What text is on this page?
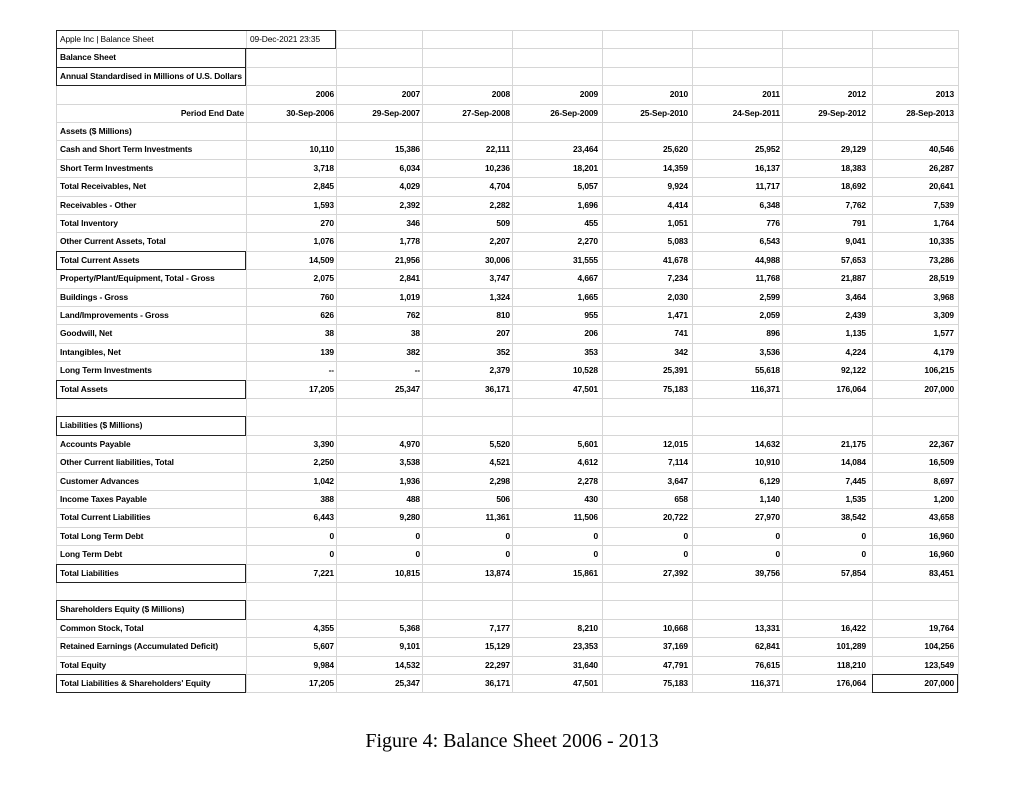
Apple Inc | Balance Sheet	09-Dec-2021 23:35
Balance Sheet
Annual Standardised in Millions of U.S. Dollars
2006	2007	2008	2009	2010	2011	2012	2013
Period End Date	30-Sep-2006	29-Sep-2007	27-Sep-2008	26-Sep-2009	25-Sep-2010	24-Sep-2011	29-Sep-2012	28-Sep-2013
Assets ($ Millions)
Cash and Short Term Investments	10,110	15,386	22,111	23,464	25,620	25,952	29,129	40,546
Short Term Investments	3,718	6,034	10,236	18,201	14,359	16,137	18,383	26,287
Total Receivables, Net	2,845	4,029	4,704	5,057	9,924	11,717	18,692	20,641
Receivables - Other	1,593	2,392	2,282	1,696	4,414	6,348	7,762	7,539
Total Inventory	270	346	509	455	1,051	776	791	1,764
Other Current Assets, Total	1,076	1,778	2,207	2,270	5,083	6,543	9,041	10,335
Total Current Assets	14,509	21,956	30,006	31,555	41,678	44,988	57,653	73,286
Property/Plant/Equipment, Total - Gross	2,075	2,841	3,747	4,667	7,234	11,768	21,887	28,519
Buildings - Gross	760	1,019	1,324	1,665	2,030	2,599	3,464	3,968
Land/Improvements - Gross	626	762	810	955	1,471	2,059	2,439	3,309
Goodwill, Net	38	38	207	206	741	896	1,135	1,577
Intangibles, Net	139	382	352	353	342	3,536	4,224	4,179
Long Term Investments	--	--	2,379	10,528	25,391	55,618	92,122	106,215
Total Assets	17,205	25,347	36,171	47,501	75,183	116,371	176,064	207,000
Liabilities ($ Millions)
Accounts Payable	3,390	4,970	5,520	5,601	12,015	14,632	21,175	22,367
Other Current liabilities, Total	2,250	3,538	4,521	4,612	7,114	10,910	14,084	16,509
Customer Advances	1,042	1,936	2,298	2,278	3,647	6,129	7,445	8,697
Income Taxes Payable	388	488	506	430	658	1,140	1,535	1,200
Total Current Liabilities	6,443	9,280	11,361	11,506	20,722	27,970	38,542	43,658
Total Long Term Debt	0	0	0	0	0	0	0	16,960
Long Term Debt	0	0	0	0	0	0	0	16,960
Total Liabilities	7,221	10,815	13,874	15,861	27,392	39,756	57,854	83,451
Shareholders Equity ($ Millions)
Common Stock, Total	4,355	5,368	7,177	8,210	10,668	13,331	16,422	19,764
Retained Earnings (Accumulated Deficit)	5,607	9,101	15,129	23,353	37,169	62,841	101,289	104,256
Total Equity	9,984	14,532	22,297	31,640	47,791	76,615	118,210	123,549
Total Liabilities & Shareholders' Equity	17,205	25,347	36,171	47,501	75,183	116,371	176,064	207,000
Figure 4: Balance Sheet 2006 - 2013
